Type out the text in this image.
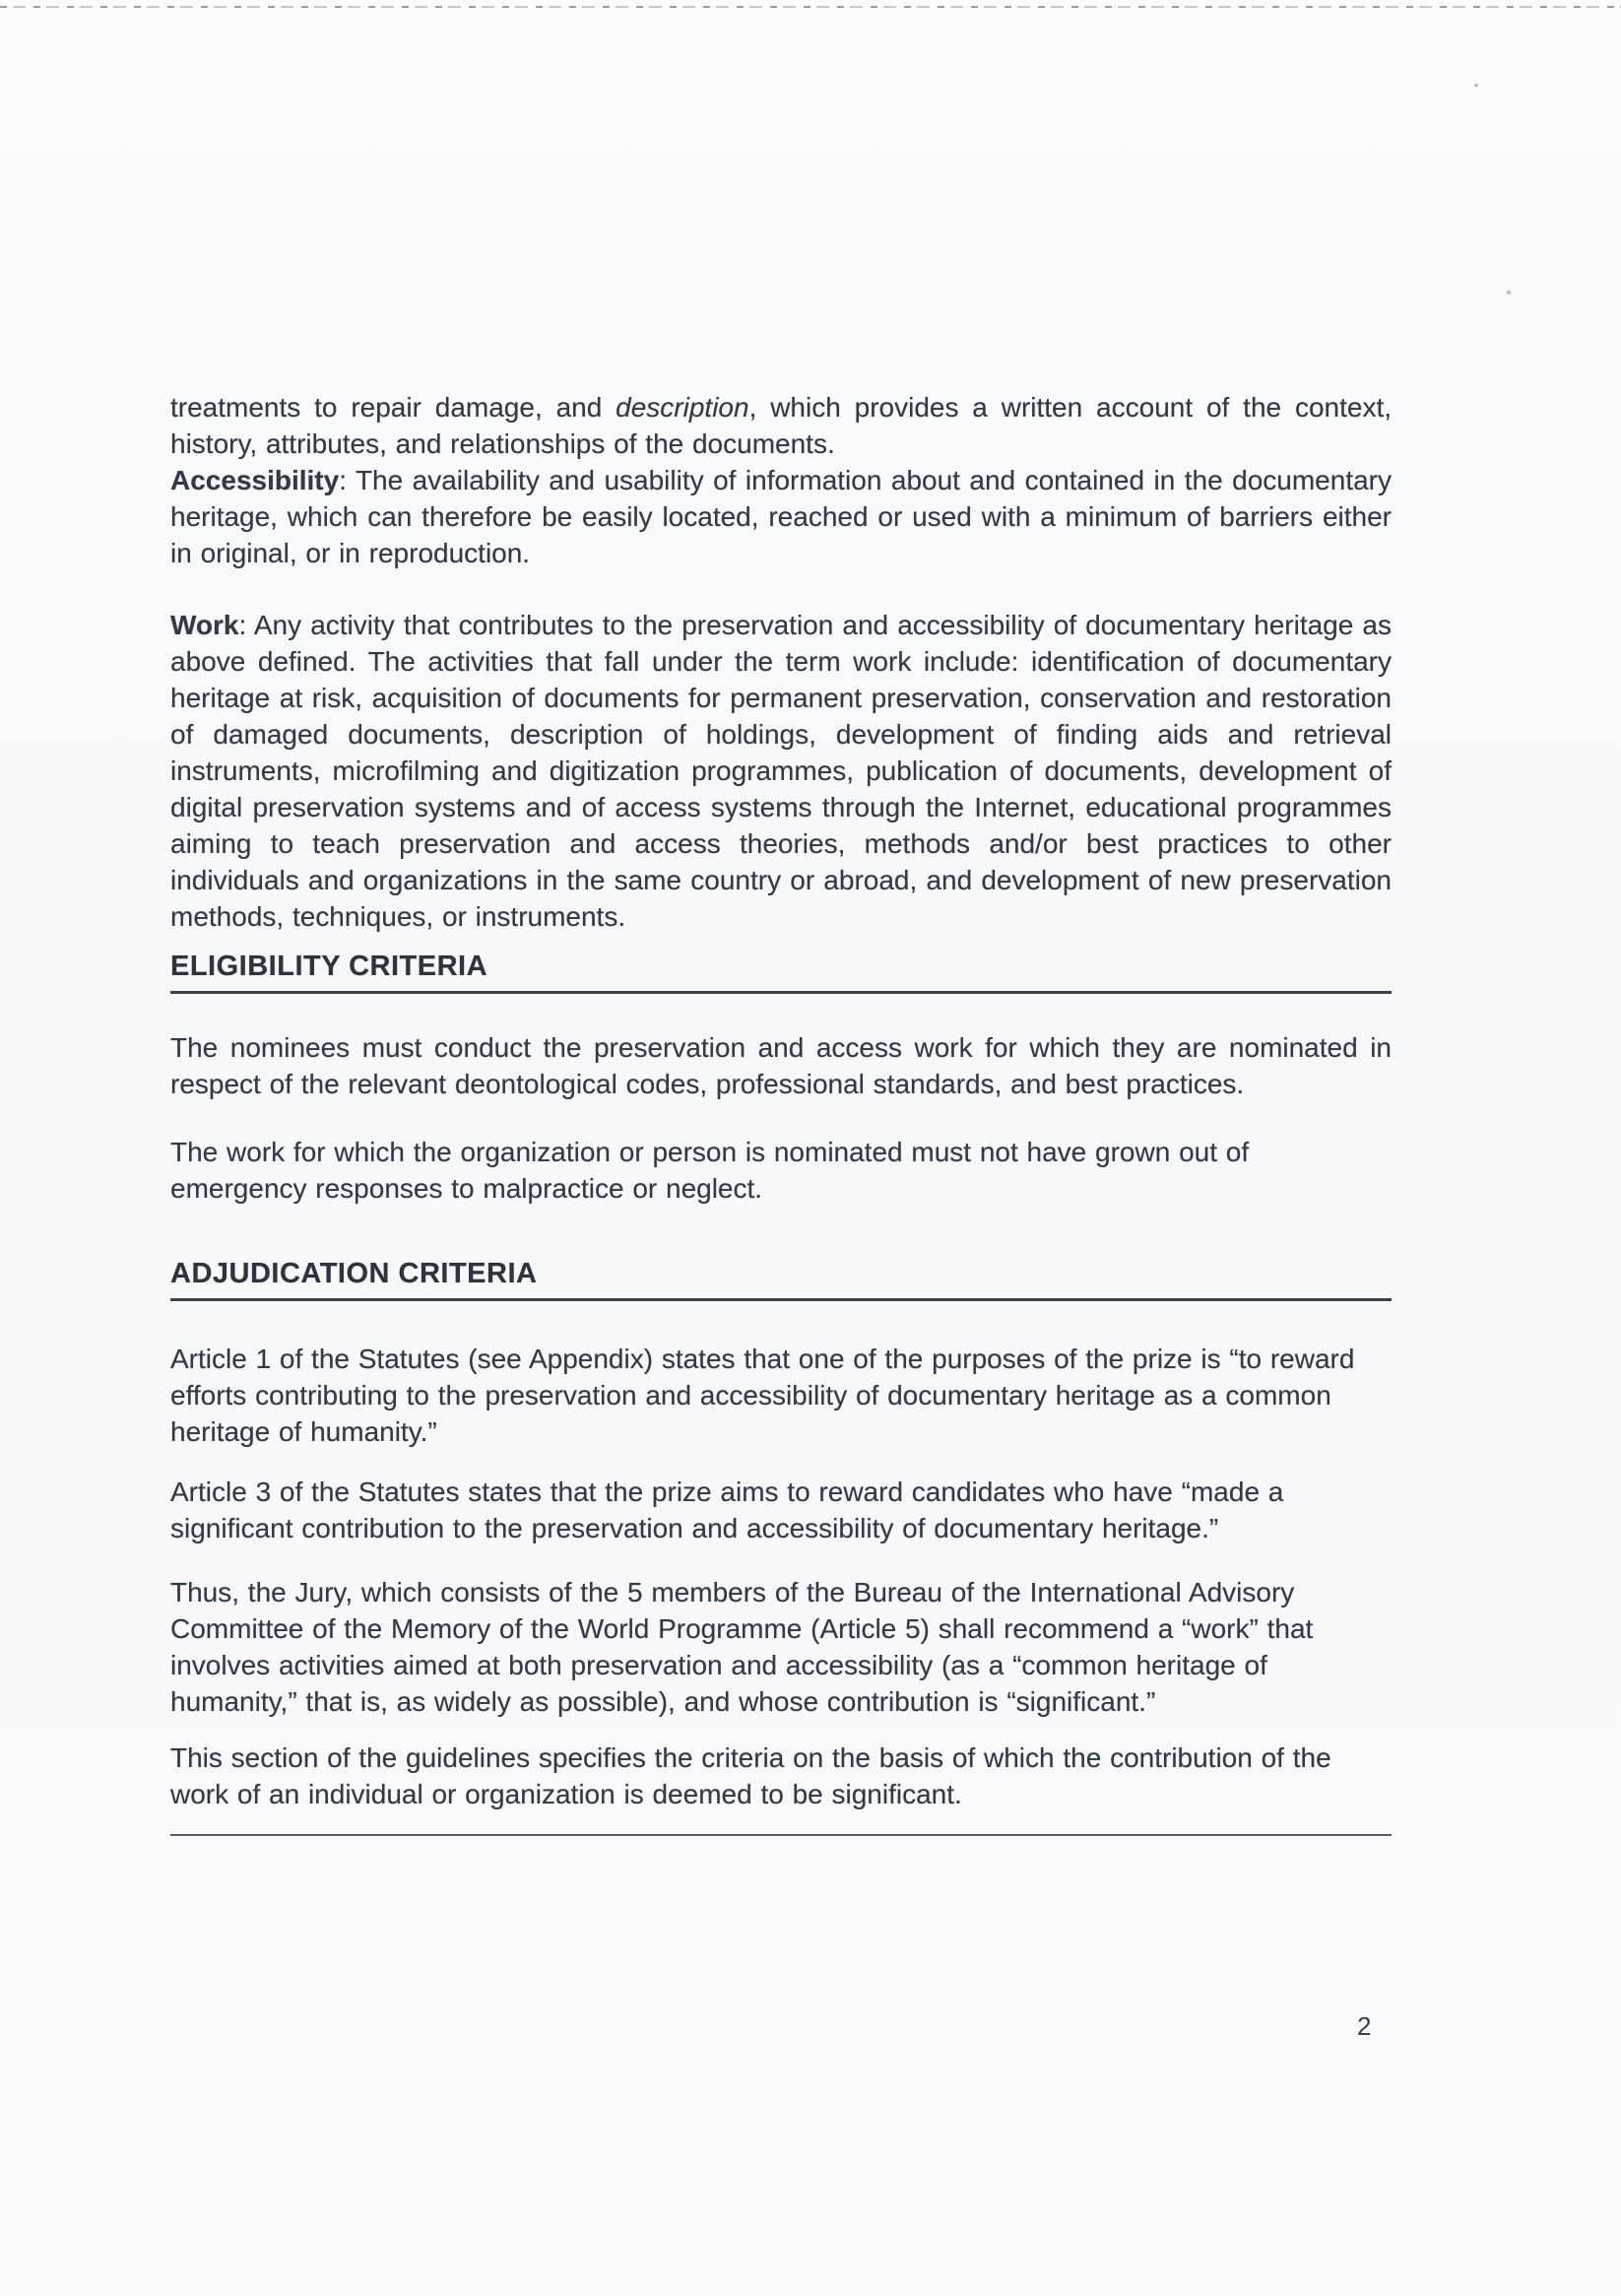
treatments to repair damage, and description, which provides a written account of the context, history, attributes, and relationships of the documents.
Accessibility: The availability and usability of information about and contained in the documentary heritage, which can therefore be easily located, reached or used with a minimum of barriers either in original, or in reproduction.

Work: Any activity that contributes to the preservation and accessibility of documentary heritage as above defined. The activities that fall under the term work include: identification of documentary heritage at risk, acquisition of documents for permanent preservation, conservation and restoration of damaged documents, description of holdings, development of finding aids and retrieval instruments, microfilming and digitization programmes, publication of documents, development of digital preservation systems and of access systems through the Internet, educational programmes aiming to teach preservation and access theories, methods and/or best practices to other individuals and organizations in the same country or abroad, and development of new preservation methods, techniques, or instruments.

ELIGIBILITY CRITERIA

The nominees must conduct the preservation and access work for which they are nominated in respect of the relevant deontological codes, professional standards, and best practices.

The work for which the organization or person is nominated must not have grown out of emergency responses to malpractice or neglect.

ADJUDICATION CRITERIA

Article 1 of the Statutes (see Appendix) states that one of the purposes of the prize is “to reward efforts contributing to the preservation and accessibility of documentary heritage as a common heritage of humanity.”

Article 3 of the Statutes states that the prize aims to reward candidates who have “made a significant contribution to the preservation and accessibility of documentary heritage.”

Thus, the Jury, which consists of the 5 members of the Bureau of the International Advisory Committee of the Memory of the World Programme (Article 5) shall recommend a “work” that involves activities aimed at both preservation and accessibility (as a “common heritage of humanity,” that is, as widely as possible), and whose contribution is “significant.”

This section of the guidelines specifies the criteria on the basis of which the contribution of the work of an individual or organization is deemed to be significant.

2
